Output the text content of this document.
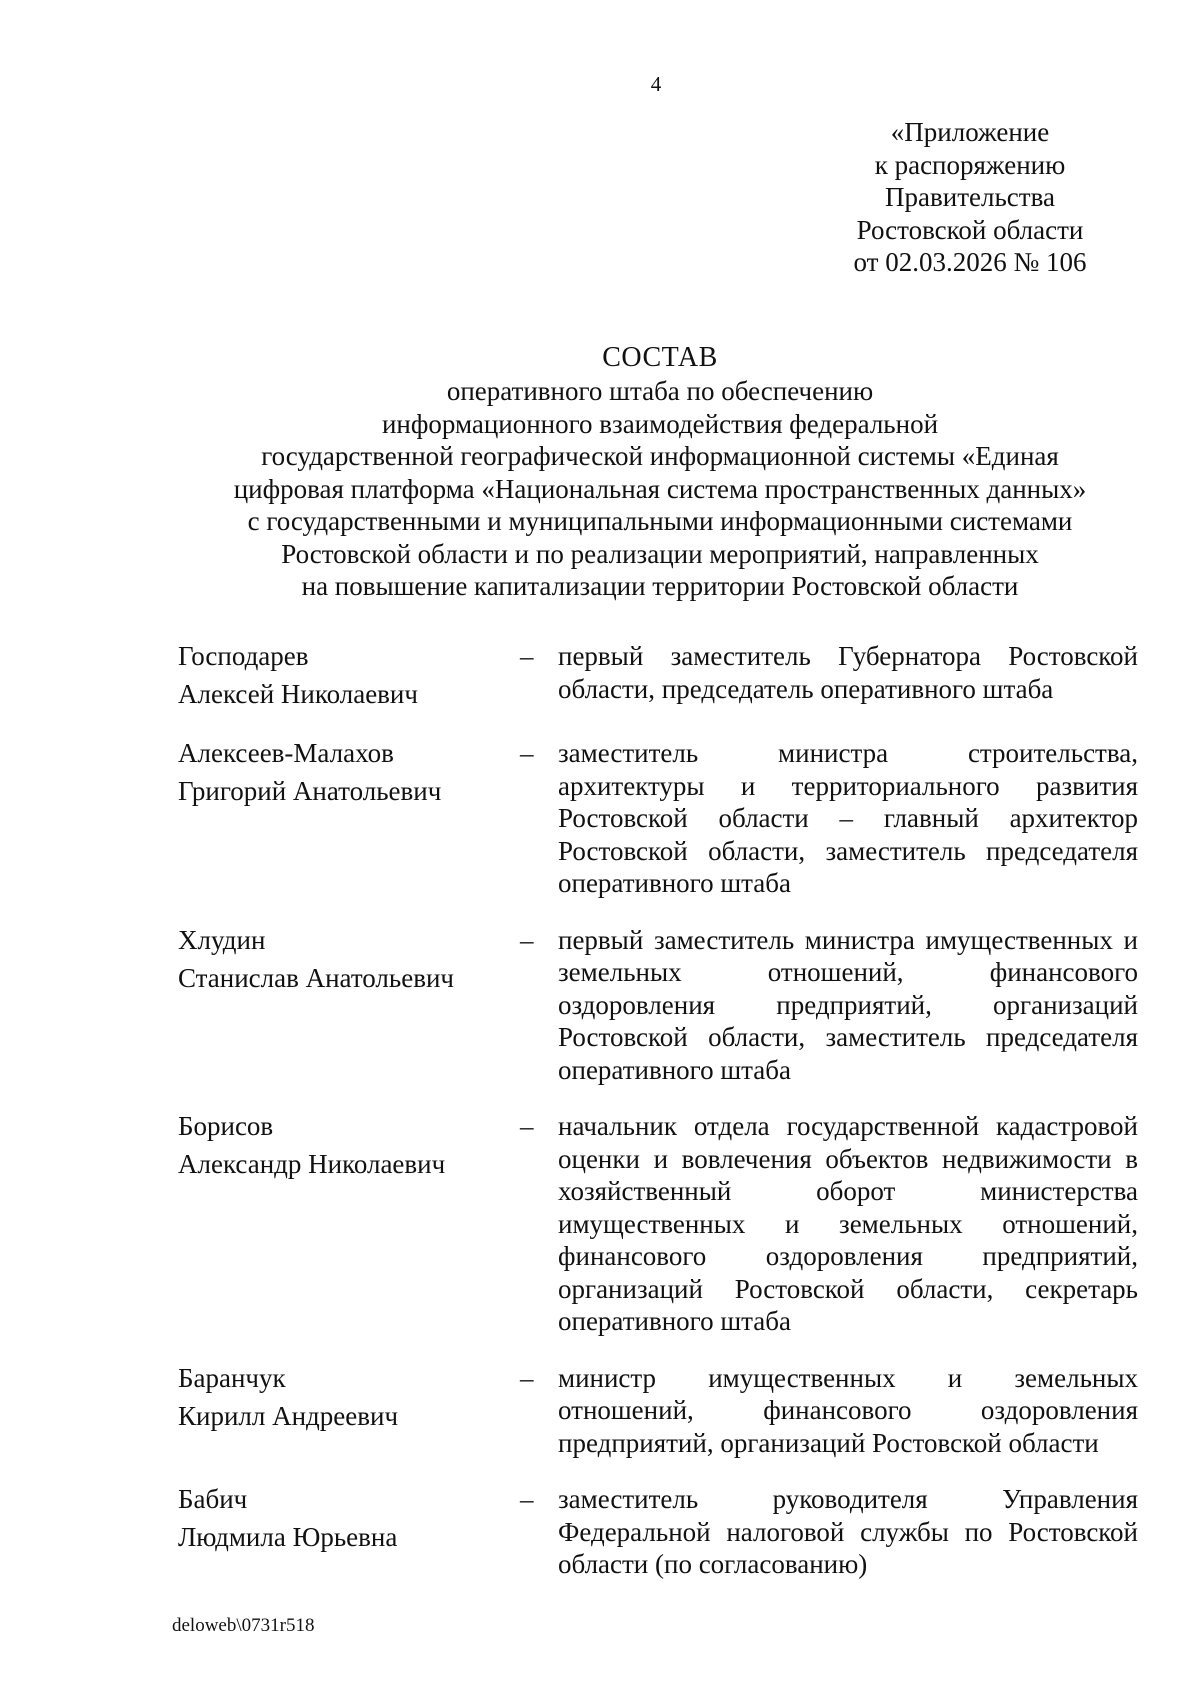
4
«Приложение
к распоряжению
Правительства
Ростовской области
от 02.03.2026 № 106
СОСТАВ
оперативного штаба по обеспечению
информационного взаимодействия федеральной
государственной географической информационной системы «Единая
цифровая платформа «Национальная система пространственных данных»
с государственными и муниципальными информационными системами
Ростовской области и по реализации мероприятий, направленных
на повышение капитализации территории Ростовской области
Господарев
Алексей Николаевич
– первый заместитель Губернатора Ростовской области, председатель оперативного штаба
Алексеев-Малахов
Григорий Анатольевич
– заместитель министра строительства, архитектуры и территориального развития Ростовской области – главный архитектор Ростовской области, заместитель председателя оперативного штаба
Хлудин
Станислав Анатольевич
– первый заместитель министра имущественных и земельных отношений, финансового оздоровления предприятий, организаций Ростовской области, заместитель председателя оперативного штаба
Борисов
Александр Николаевич
– начальник отдела государственной кадастровой оценки и вовлечения объектов недвижимости в хозяйственный оборот министерства имущественных и земельных отношений, финансового оздоровления предприятий, организаций Ростовской области, секретарь оперативного штаба
Баранчук
Кирилл Андреевич
– министр имущественных и земельных отношений, финансового оздоровления предприятий, организаций Ростовской области
Бабич
Людмила Юрьевна
– заместитель руководителя Управления Федеральной налоговой службы по Ростовской области (по согласованию)
deloweb\0731r518
